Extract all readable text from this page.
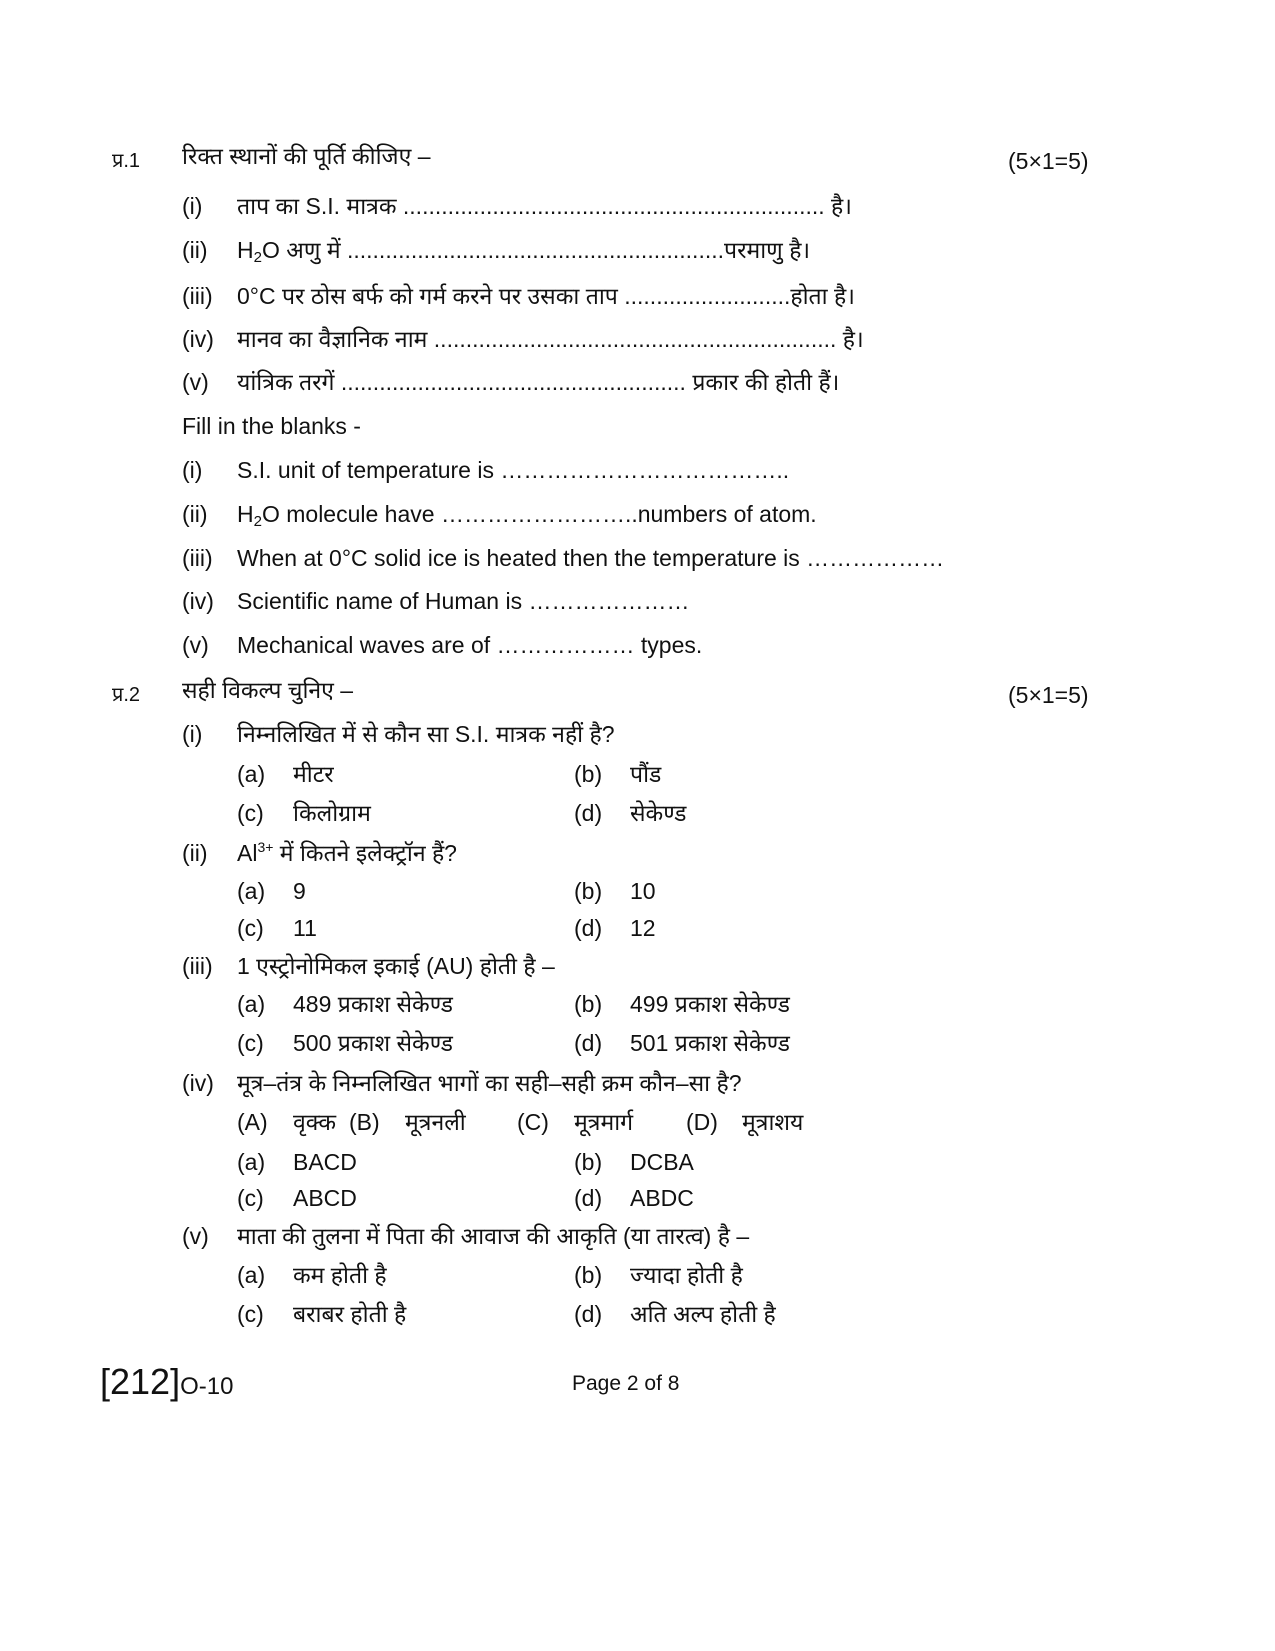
प्र.1 रिक्त स्थानों की पूर्ति कीजिए –	(5×1=5)
(i) ताप का S.I. मात्रक .................................................................. है।
(ii) $H_2O$ अणु में ...........................................................परमाणु है।
(iii) 0°C पर ठोस बर्फ को गर्म करने पर उसका ताप ..........................होता है।
(iv) मानव का वैज्ञानिक नाम ............................................................... है।
(v) यांत्रिक तरगें ...................................................... प्रकार की होती हैं।
Fill in the blanks -
(i) S.I. unit of temperature is ………………………………..
(ii) $H_2O$ molecule have ……………………..numbers of atom.
(iii) When at 0°C solid ice is heated then the temperature is ………………
(iv) Scientific name of Human is …………………
(v) Mechanical waves are of ……………… types.
प्र.2 सही विकल्प चुनिए –	(5×1=5)
(i) निम्नलिखित में से कौन सा S.I. मात्रक नहीं है?
(a) मीटर	(b) पौंड
(c) किलोग्राम	(d) सेकेण्ड
(ii) $Al^{3+}$ में कितने इलेक्ट्रॉन हैं?
(a) 9	(b) 10
(c) 11	(d) 12
(iii) 1 एस्ट्रोनोमिकल इकाई (AU) होती है –
(a) 489 प्रकाश सेकेण्ड	(b) 499 प्रकाश सेकेण्ड
(c) 500 प्रकाश सेकेण्ड	(d) 501 प्रकाश सेकेण्ड
(iv) मूत्र–तंत्र के निम्नलिखित भागों का सही–सही क्रम कौन–सा है?
(A) वृक्क (B) मूत्रनली (C) मूत्रमार्ग (D) मूत्राशय
(a) BACD	(b) DCBA
(c) ABCD	(d) ABDC
(v) माता की तुलना में पिता की आवाज की आकृति (या तारत्व) है –
(a) कम होती है	(b) ज्यादा होती है
(c) बराबर होती है	(d) अति अल्प होती है
[212]O-10	Page 2 of 8
